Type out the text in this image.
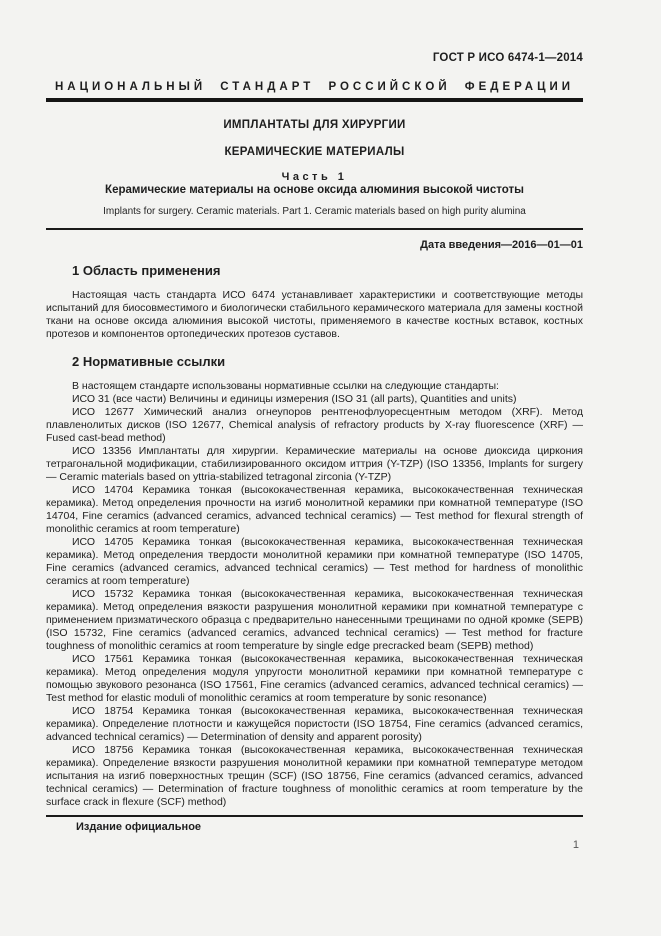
ГОСТ Р ИСО 6474-1—2014
НАЦИОНАЛЬНЫЙ СТАНДАРТ РОССИЙСКОЙ ФЕДЕРАЦИИ
ИМПЛАНТАТЫ ДЛЯ ХИРУРГИИ
КЕРАМИЧЕСКИЕ МАТЕРИАЛЫ
Часть 1
Керамические материалы на основе оксида алюминия высокой чистоты
Implants for surgery. Ceramic materials. Part 1. Ceramic materials based on high purity alumina
Дата введения—2016—01—01
1 Область применения

Настоящая часть стандарта ИСО 6474 устанавливает характеристики и соответствующие методы испытаний для биосовместимого и биологически стабильного керамического материала для замены костной ткани на основе оксида алюминия высокой чистоты, применяемого в качестве костных вставок, костных протезов и компонентов ортопедических протезов суставов.

2 Нормативные ссылки

В настоящем стандарте использованы нормативные ссылки на следующие стандарты:

ИСО 31 (все части) Величины и единицы измерения (ISO 31 (all parts), Quantities and units)

ИСО 12677 Химический анализ огнеупоров рентгенофлуоресцентным методом (XRF). Метод плавленолитых дисков (ISO 12677, Chemical analysis of refractory products by X-ray fluorescence (XRF) — Fused cast-bead method)

ИСО 13356 Имплантаты для хирургии. Керамические материалы на основе диоксида циркония тетрагональной модификации, стабилизированного оксидом иттрия (Y-TZP) (ISO 13356, Implants for surgery — Ceramic materials based on yttria-stabilized tetragonal zirconia (Y-TZP)

ИСО 14704 Керамика тонкая (высококачественная керамика, высококачественная техническая керамика). Метод определения прочности на изгиб монолитной керамики при комнатной температуре (ISO 14704, Fine ceramics (advanced ceramics, advanced technical ceramics) — Test method for flexural strength of monolithic ceramics at room temperature)

ИСО 14705 Керамика тонкая (высококачественная керамика, высококачественная техническая керамика). Метод определения твердости монолитной керамики при комнатной температуре (ISO 14705, Fine ceramics (advanced ceramics, advanced technical ceramics) — Test method for hardness of monolithic ceramics at room temperature)

ИСО 15732 Керамика тонкая (высококачественная керамика, высококачественная техническая керамика). Метод определения вязкости разрушения монолитной керамики при комнатной температуре с применением призматического образца с предварительно нанесенными трещинами по одной кромке (SEPB) (ISO 15732, Fine ceramics (advanced ceramics, advanced technical ceramics) — Test method for fracture toughness of monolithic ceramics at room temperature by single edge precracked beam (SEPB) method)

ИСО 17561 Керамика тонкая (высококачественная керамика, высококачественная техническая керамика). Метод определения модуля упругости монолитной керамики при комнатной температуре с помощью звукового резонанса (ISO 17561, Fine ceramics (advanced ceramics, advanced technical ceramics) — Test method for elastic moduli of monolithic ceramics at room temperature by sonic resonance)

ИСО 18754 Керамика тонкая (высококачественная керамика, высококачественная техническая керамика). Определение плотности и кажущейся пористости (ISO 18754, Fine ceramics (advanced ceramics, advanced technical ceramics) — Determination of density and apparent porosity)

ИСО 18756 Керамика тонкая (высококачественная керамика, высококачественная техническая керамика). Определение вязкости разрушения монолитной керамики при комнатной температуре методом испытания на изгиб поверхностных трещин (SCF) (ISO 18756, Fine ceramics (advanced ceramics, advanced technical ceramics) — Determination of fracture toughness of monolithic ceramics at room temperature by the surface crack in flexure (SCF) method)

Издание официальное
1
